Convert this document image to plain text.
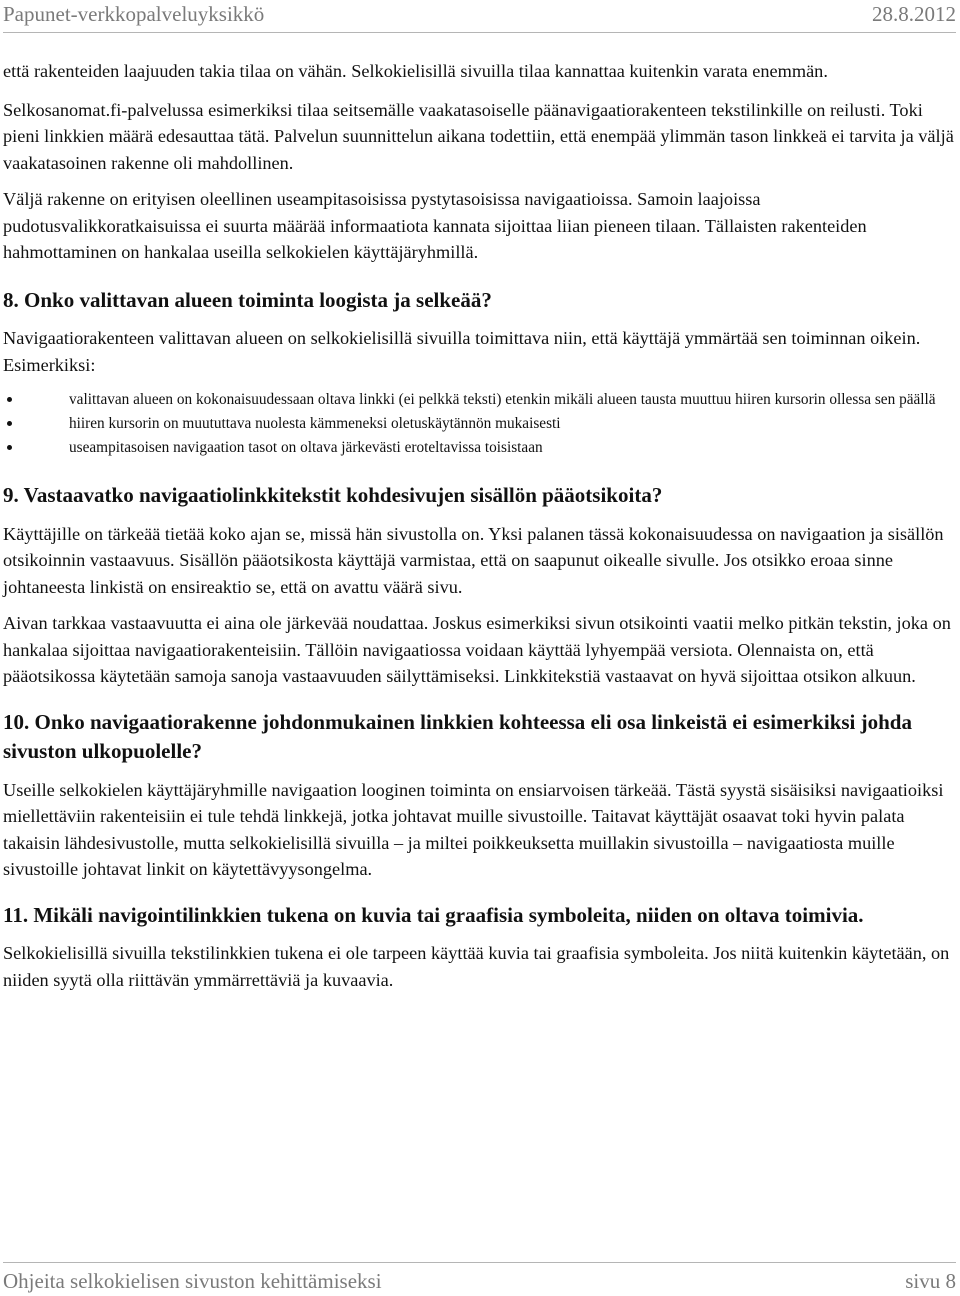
Papunet-verkkopalveluyksikkö	28.8.2012

että rakenteiden laajuuden takia tilaa on vähän. Selkokielisillä sivuilla tilaa kannattaa kuitenkin varata enemmän.

Selkosanomat.fi-palvelussa esimerkiksi tilaa seitsemälle vaakatasoiselle päänavigaatiorakenteen tekstilinkille on reilusti. Toki pieni linkkien määrä edesauttaa tätä. Palvelun suunnittelun aikana todettiin, että enempää ylimmän tason linkkeä ei tarvita ja väljä vaakatasoinen rakenne oli mahdollinen.

Väljä rakenne on erityisen oleellinen useampitasoisissa pystytasoisissa navigaatioissa. Samoin laajoissa pudotusvalikkoratkaisuissa ei suurta määrää informaatiota kannata sijoittaa liian pieneen tilaan. Tällaisten rakenteiden hahmottaminen on hankalaa useilla selkokielen käyttäjäryhmillä.

8. Onko valittavan alueen toiminta loogista ja selkeää?

Navigaatiorakenteen valittavan alueen on selkokielisillä sivuilla toimittava niin, että käyttäjä ymmärtää sen toiminnan oikein. Esimerkiksi:

valittavan alueen on kokonaisuudessaan oltava linkki (ei pelkkä teksti) etenkin mikäli alueen tausta muuttuu hiiren kursorin ollessa sen päällä
hiiren kursorin on muututtava nuolesta kämmeneksi oletuskäytännön mukaisesti
useampitasoisen navigaation tasot on oltava järkevästi eroteltavissa toisistaan
9. Vastaavatko navigaatiolinkkitekstit kohdesivujen sisällön pääotsikoita?

Käyttäjille on tärkeää tietää koko ajan se, missä hän sivustolla on. Yksi palanen tässä kokonaisuudessa on navigaation ja sisällön otsikoinnin vastaavuus. Sisällön pääotsikosta käyttäjä varmistaa, että on saapunut oikealle sivulle. Jos otsikko eroaa sinne johtaneesta linkistä on ensireaktio se, että on avattu väärä sivu.

Aivan tarkkaa vastaavuutta ei aina ole järkevää noudattaa. Joskus esimerkiksi sivun otsikointi vaatii melko pitkän tekstin, joka on hankalaa sijoittaa navigaatiorakenteisiin. Tällöin navigaatiossa voidaan käyttää lyhyempää versiota. Olennaista on, että pääotsikossa käytetään samoja sanoja vastaavuuden säilyttämiseksi. Linkkitekstiä vastaavat on hyvä sijoittaa otsikon alkuun.

10. Onko navigaatiorakenne johdonmukainen linkkien kohteessa eli osa linkeistä ei esimerkiksi johda sivuston ulkopuolelle?

Useille selkokielen käyttäjäryhmille navigaation looginen toiminta on ensiarvoisen tärkeää. Tästä syystä sisäisiksi navigaatioiksi miellettäviin rakenteisiin ei tule tehdä linkkejä, jotka johtavat muille sivustoille. Taitavat käyttäjät osaavat toki hyvin palata takaisin lähdesivustolle, mutta selkokielisillä sivuilla – ja miltei poikkeuksetta muillakin sivustoilla – navigaatiosta muille sivustoille johtavat linkit on käytettävyysongelma.

11. Mikäli navigointilinkkien tukena on kuvia tai graafisia symboleita, niiden on oltava toimivia.

Selkokielisillä sivuilla tekstilinkkien tukena ei ole tarpeen käyttää kuvia tai graafisia symboleita. Jos niitä kuitenkin käytetään, on niiden syytä olla riittävän ymmärrettäviä ja kuvaavia.

Ohjeita selkokielisen sivuston kehittämiseksi	sivu 8
